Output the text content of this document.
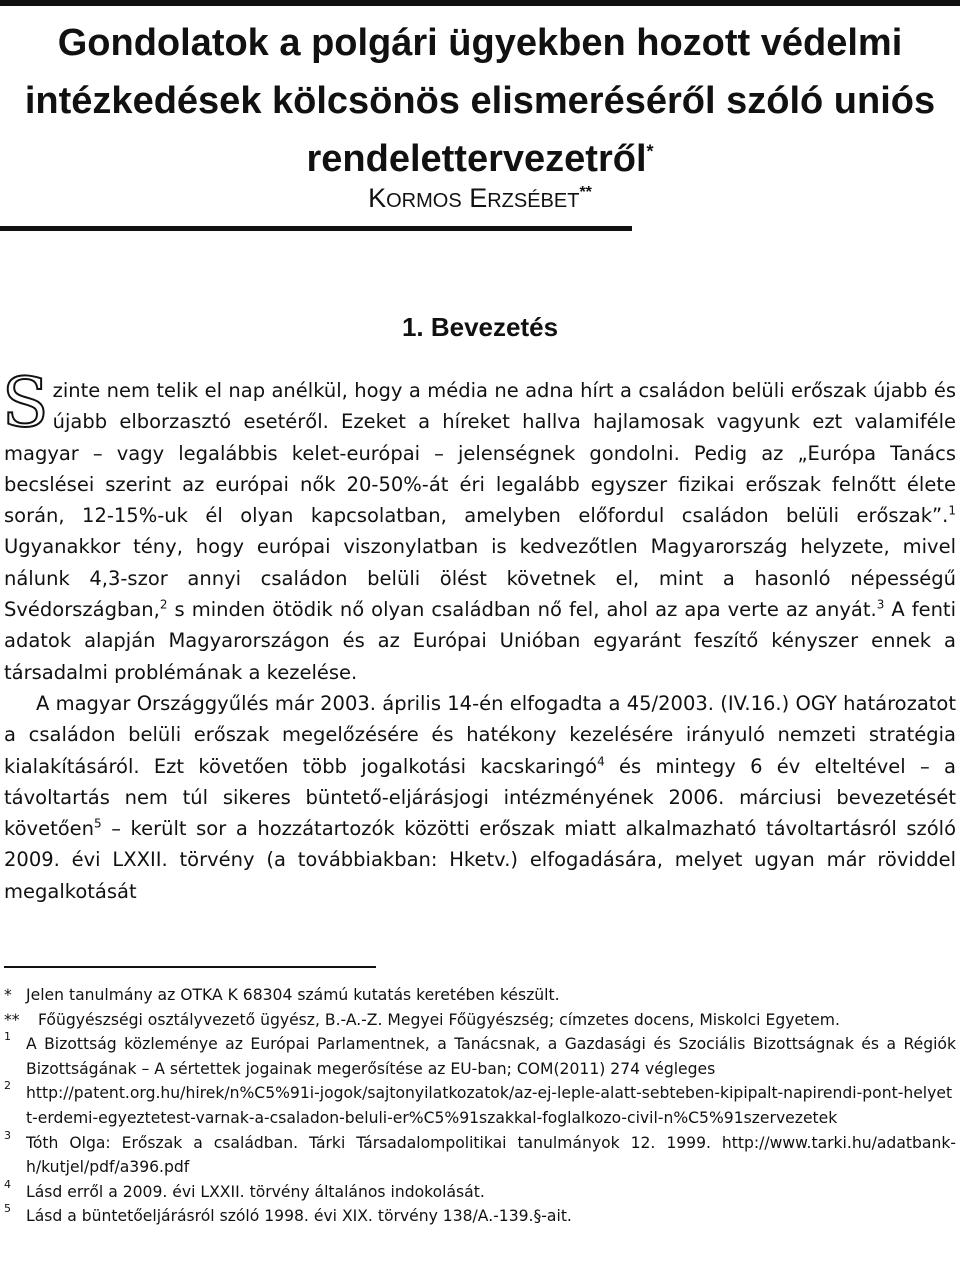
Gondolatok a polgári ügyekben hozott védelmi intézkedések kölcsönös elismeréséről szóló uniós rendelettervezetről*
KORMOS ERZSÉBET**
1. Bevezetés

Szinte nem telik el nap anélkül, hogy a média ne adna hírt a családon belüli erőszak újabb és újabb elborzasztó esetéről. Ezeket a híreket hallva hajlamosak vagyunk ezt valamiféle magyar – vagy legalábbis kelet-európai – jelenségnek gondolni. Pedig az „Európa Tanács becslései szerint az európai nők 20-50%-át éri legalább egyszer fizikai erőszak felnőtt élete során, 12-15%-uk él olyan kapcsolatban, amelyben előfordul családon belüli erőszak”.$^1$ Ugyanakkor tény, hogy európai viszonylatban is kedvezőtlen Magyarország helyzete, mivel nálunk 4,3-szor annyi családon belüli ölést követnek el, mint a hasonló népességű Svédországban,$^2$ s minden ötödik nő olyan családban nő fel, ahol az apa verte az anyát.$^3$ A fenti adatok alapján Magyarországon és az Európai Unióban egyaránt feszítő kényszer ennek a társadalmi problémának a kezelése.

A magyar Országgyűlés már 2003. április 14-én elfogadta a 45/2003. (IV.16.) OGY határozatot a családon belüli erőszak megelőzésére és hatékony kezelésére irányuló nemzeti stratégia kialakításáról. Ezt követően több jogalkotási kacskaringó$^4$ és mintegy 6 év elteltével – a távoltartás nem túl sikeres büntető-eljárásjogi intézményének 2006. márciusi bevezetését követően$^5$ – került sor a hozzátartozók közötti erőszak miatt alkalmazható távoltartásról szóló 2009. évi LXXII. törvény (a továbbiakban: Hketv.) elfogadására, melyet ugyan már röviddel megalkotását

* Jelen tanulmány az OTKA K 68304 számú kutatás keretében készült.
**	Főügyészségi osztályvezető ügyész, B.-A.-Z. Megyei Főügyészség; címzetes docens, Miskolci Egyetem.
1 A Bizottság közleménye az Európai Parlamentnek, a Tanácsnak, a Gazdasági és Szociális Bizottságnak és a Régiók Bizottságának – A sértettek jogainak megerősítése az EU-ban; COM(2011) 274 végleges
2 http://patent.org.hu/hirek/n%C5%91i-jogok/sajtonyilatkozatok/az-ej-leple-alatt-sebteben-kipipalt-napirendi-pont-helyett-erdemi-egyeztetest-varnak-a-csaladon-beluli-er%C5%91szakkal-foglalkozo-civil-n%C5%91szervezetek
3 Tóth Olga: Erőszak a családban. Tárki Társadalompolitikai tanulmányok 12. 1999. http://www.tarki.hu/adatbank-h/kutjel/pdf/a396.pdf
4 Lásd erről a 2009. évi LXXII. törvény általános indokolását.
5 Lásd a büntetőeljárásról szóló 1998. évi XIX. törvény 138/A.-139.§-ait.
